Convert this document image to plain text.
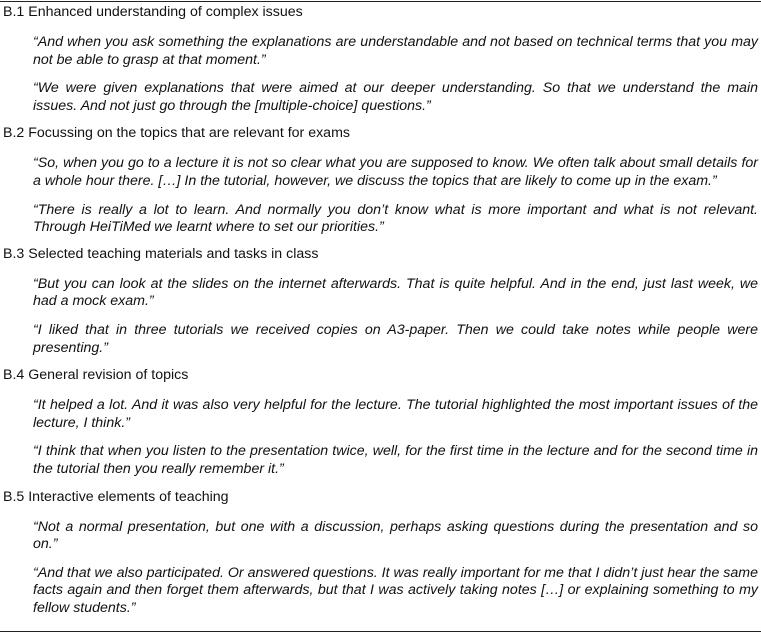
B.1 Enhanced understanding of complex issues

“And when you ask something the explanations are understandable and not based on technical terms that you may not be able to grasp at that moment.”

“We were given explanations that were aimed at our deeper understanding. So that we understand the main issues. And not just go through the [multiple-choice] questions.”

B.2 Focussing on the topics that are relevant for exams

“So, when you go to a lecture it is not so clear what you are supposed to know. We often talk about small details for a whole hour there. […] In the tutorial, however, we discuss the topics that are likely to come up in the exam.”

“There is really a lot to learn. And normally you don’t know what is more important and what is not relevant. Through HeiTiMed we learnt where to set our priorities.”

B.3 Selected teaching materials and tasks in class

“But you can look at the slides on the internet afterwards. That is quite helpful. And in the end, just last week, we had a mock exam.”

“I liked that in three tutorials we received copies on A3-paper. Then we could take notes while people were presenting.”

B.4 General revision of topics

“It helped a lot. And it was also very helpful for the lecture. The tutorial highlighted the most important issues of the lecture, I think.”

“I think that when you listen to the presentation twice, well, for the first time in the lecture and for the second time in the tutorial then you really remember it.”

B.5 Interactive elements of teaching

“Not a normal presentation, but one with a discussion, perhaps asking questions during the presentation and so on.”

“And that we also participated. Or answered questions. It was really important for me that I didn’t just hear the same facts again and then forget them afterwards, but that I was actively taking notes […] or explaining something to my fellow students.”
